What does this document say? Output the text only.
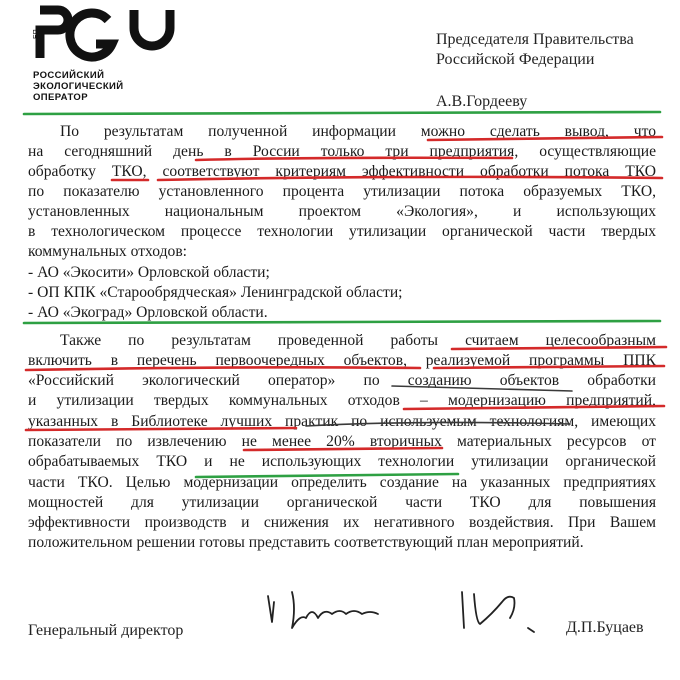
ЕП
РОССИЙСКИЙ
ЭКОЛОГИЧЕСКИЙ
ОПЕРАТОР
Председателя Правительства
Российской Федерации
А.В.Гордееву
По результатам полученной информации можно сделать вывод, что
на сегодняшний день в России только три предприятия, осуществляющие
обработку ТКО, соответствуют критериям эффективности обработки потока ТКО
по показателю установленного процента утилизации потока образуемых ТКО,
установленных национальным проектом «Экология», и использующих
в технологическом процессе технологии утилизации органической части твердых
коммунальных отходов:
- АО «Экосити» Орловской области;
- ОП КПК «Старообрядческая» Ленинградской области;
- АО «Экоград» Орловской области.
Также по результатам проведенной работы считаем целесообразным
включить в перечень первоочередных объектов, реализуемой программы ППК
«Российский экологический оператор» по созданию объектов обработки
и утилизации твердых коммунальных отходов – модернизацию предприятий,
указанных в Библиотеке лучших практик по используемым технологиям, имеющих
показатели по извлечению не менее 20% вторичных материальных ресурсов от
обрабатываемых ТКО и не использующих технологии утилизации органической
части ТКО. Целью модернизации определить создание на указанных предприятиях
мощностей для утилизации органической части ТКО для повышения
эффективности производств и снижения их негативного воздействия. При Вашем
положительном решении готовы представить соответствующий план мероприятий.
Генеральный директор	Д.П.Буцаев
